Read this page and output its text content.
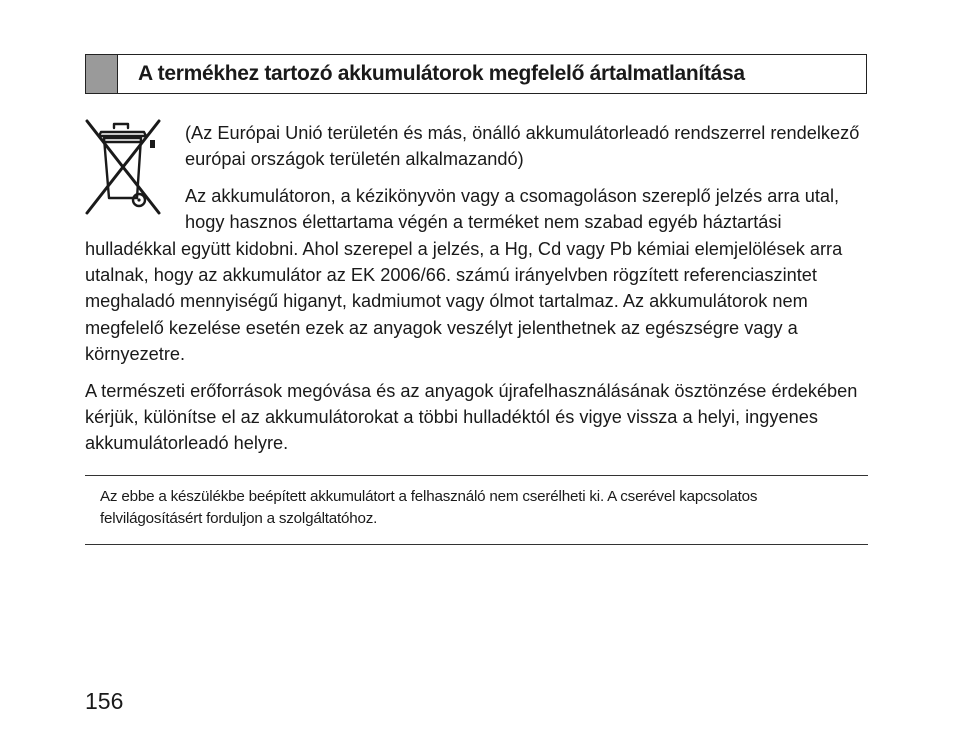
A termékhez tartozó akkumulátorok megfelelő ártalmatlanítása

(Az Európai Unió területén és más, önálló akkumulátorleadó rendszerrel rendelkező európai országok területén alkalmazandó)

Az akkumulátoron, a kézikönyvön vagy a csomagoláson szereplő jelzés arra utal, hogy hasznos élettartama végén a terméket nem szabad egyéb háztartási hulladékkal együtt kidobni. Ahol szerepel a jelzés, a Hg, Cd vagy Pb kémiai elemjelölések arra utalnak, hogy az akkumulátor az EK 2006/66. számú irányelvben rögzített referenciaszintet meghaladó mennyiségű higanyt, kadmiumot vagy ólmot tartalmaz. Az akkumulátorok nem megfelelő kezelése esetén ezek az anyagok veszélyt jelenthetnek az egészségre vagy a környezetre.

A természeti erőforrások megóvása és az anyagok újrafelhasználásának ösztönzése érdekében kérjük, különítse el az akkumulátorokat a többi hulladéktól és vigye vissza a helyi, ingyenes akkumulátorleadó helyre.

Az ebbe a készülékbe beépített akkumulátort a felhasználó nem cserélheti ki. A cserével kapcsolatos felvilágosításért forduljon a szolgáltatóhoz.
156
